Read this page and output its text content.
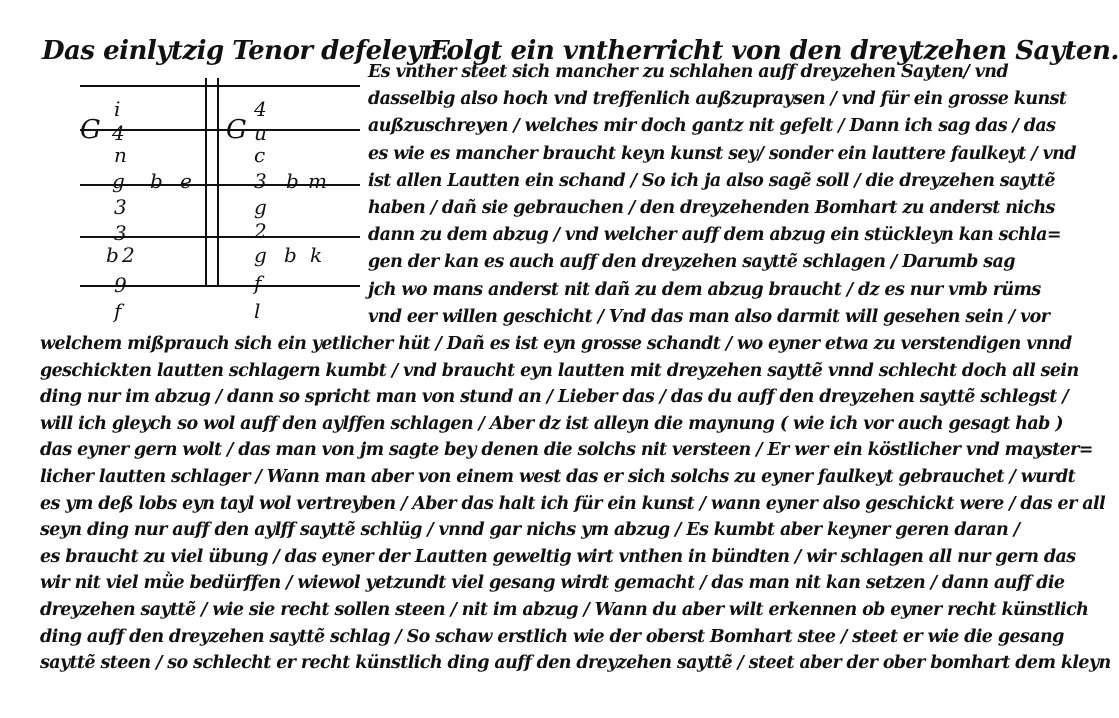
Das einlytzig Tenor defeleyn.
Folgt ein vntherricht von den dreytzehen Sayten.
i
4
n
g b e
3
3
b 2
9
f
G
4
u
c
3 b m
g
2
g b k
f
l
G
Es vnther steet sich mancher zu schlahen auff dreyzehen Sayten/ vnd
dasselbig also hoch vnd treffenlich außzupraysen / vnd für ein grosse kunst
außzuschreyen / welches mir doch gantz nit gefelt / Dann ich sag das / das
es wie es mancher braucht keyn kunst sey/ sonder ein lauttere faulkeyt / vnd
ist allen Lautten ein schand / So ich ja also sagẽ soll / die dreyzehen sayttẽ
haben / dañ sie gebrauchen / den dreyzehenden Bomhart zu anderst nichs
dann zu dem abzug / vnd welcher auff dem abzug ein stückleyn kan schla=
gen der kan es auch auff den dreyzehen sayttẽ schlagen / Darumb sag
jch wo mans anderst nit dañ zu dem abzug braucht / dz es nur vmb rüms
vnd eer willen geschicht / Vnd das man also darmit will gesehen sein / vor
welchem mißprauch sich ein yetlicher hüt / Dañ es ist eyn grosse schandt / wo eyner etwa zu verstendigen vnnd
geschickten lautten schlagern kumbt / vnd braucht eyn lautten mit dreyzehen sayttẽ vnnd schlecht doch all sein
ding nur im abzug / dann so spricht man von stund an / Lieber das / das du auff den dreyzehen sayttẽ schlegst /
will ich gleych so wol auff den aylffen schlagen / Aber dz ist alleyn die maynung ( wie ich vor auch gesagt hab )
das eyner gern wolt / das man von jm sagte bey denen die solchs nit versteen / Er wer ein köstlicher vnd mayster=
licher lautten schlager / Wann man aber von einem west das er sich solchs zu eyner faulkeyt gebrauchet / wurdt
es ym deß lobs eyn tayl wol vertreyben / Aber das halt ich für ein kunst / wann eyner also geschickt were / das er all
seyn ding nur auff den aylff sayttẽ schlüg / vnnd gar nichs ym abzug / Es kumbt aber keyner geren daran /
es braucht zu viel übung / das eyner der Lautten geweltig wirt vnthen in bündten / wir schlagen all nur gern das
wir nit viel mǜe bedürffen / wiewol yetzundt viel gesang wirdt gemacht / das man nit kan setzen / dann auff die
dreyzehen sayttẽ / wie sie recht sollen steen / nit im abzug / Wann du aber wilt erkennen ob eyner recht künstlich
ding auff den dreyzehen sayttẽ schlag / So schaw erstlich wie der oberst Bomhart stee / steet er wie die gesang
sayttẽ steen / so schlecht er recht künstlich ding auff den dreyzehen sayttẽ / steet aber der ober bomhart dem kleyn
